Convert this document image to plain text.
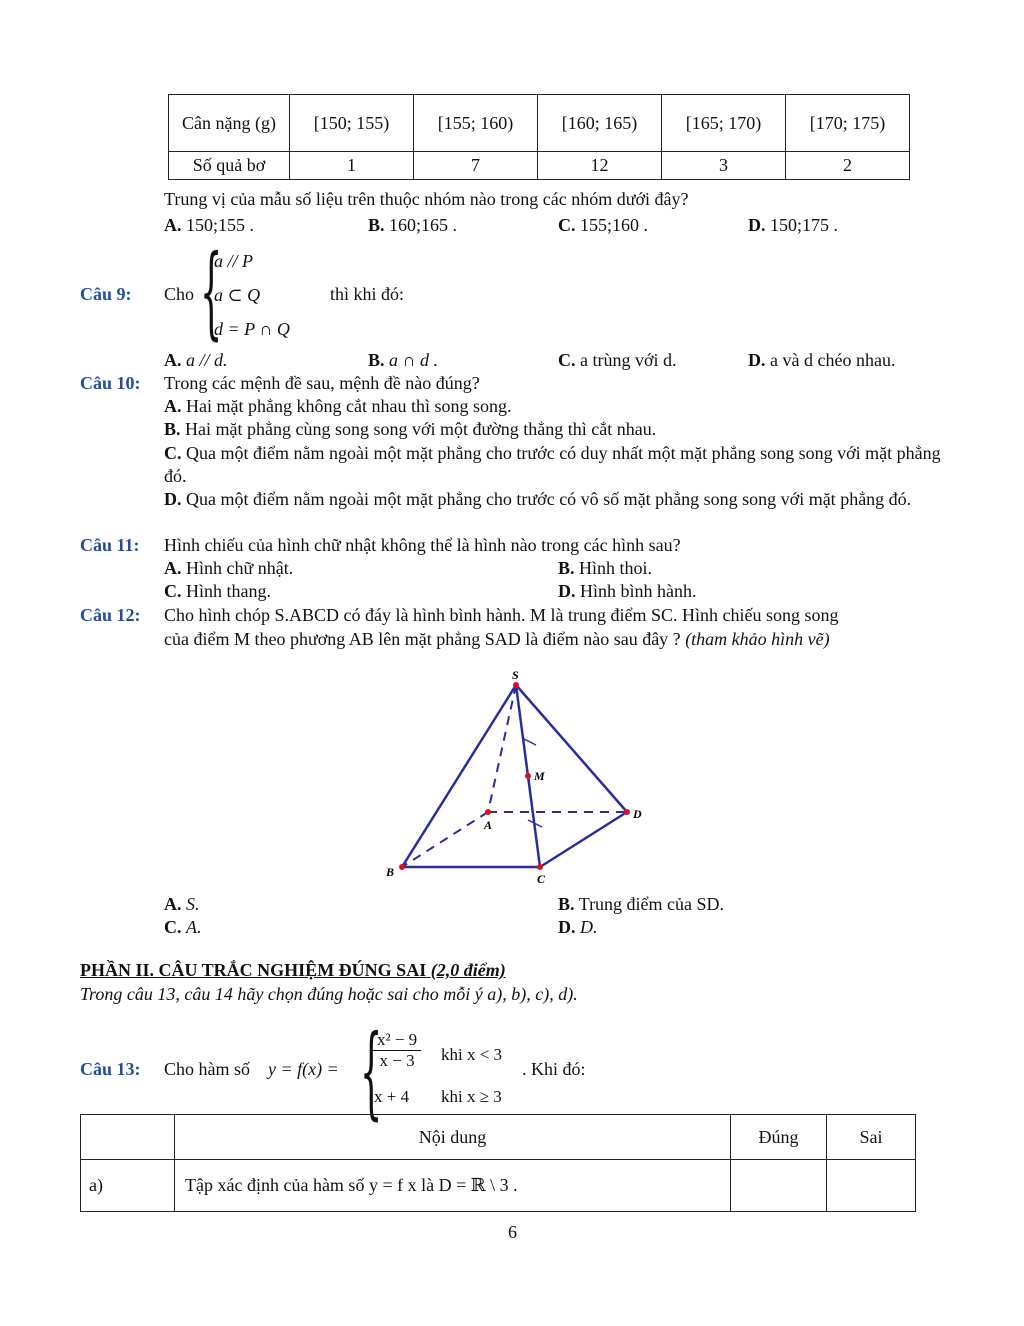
Cân nặng (g)	[150; 155)	[155; 160)	[160; 165)	[165; 170)	[170; 175)
Số quả bơ	1	7	12	3	2
Trung vị của mẫu số liệu trên thuộc nhóm nào trong các nhóm dưới đây?
A. 150;155 .	B. 160;165 .	C. 155;160 .	D. 150;175 .
Câu 9: Cho {
a // P
a ⊂ Q
d = P ∩ Q
thì khi đó:
A. a // d.	B. a ∩ d .	C. a trùng với d.	D. a và d chéo nhau.
Câu 10: Trong các mệnh đề sau, mệnh đề nào đúng?
A. Hai mặt phẳng không cắt nhau thì song song.
B. Hai mặt phẳng cùng song song với một đường thẳng thì cắt nhau.
C. Qua một điểm nằm ngoài một mặt phẳng cho trước có duy nhất một mặt phẳng song song với mặt phẳng đó.
D. Qua một điểm nằm ngoài một mặt phẳng cho trước có vô số mặt phẳng song song với mặt phẳng đó.
Câu 11: Hình chiếu của hình chữ nhật không thể là hình nào trong các hình sau?
A. Hình chữ nhật.	B. Hình thoi.
C. Hình thang.	D. Hình bình hành.
Câu 12: Cho hình chóp S.ABCD có đáy là hình bình hành. M là trung điểm SC. Hình chiếu song song
của điểm M theo phương AB lên mặt phẳng SAD là điểm nào sau đây ? (tham khảo hình vẽ)
S
M
A
B	C
D
A. S.	B. Trung điểm của SD.
C. A.	D. D.
PHẦN II. CÂU TRẮC NGHIỆM ĐÚNG SAI (2,0 điểm)
Trong câu 13, câu 14 hãy chọn đúng hoặc sai cho mỗi ý a), b), c), d).
Câu 13: Cho hàm số y = f(x) = {
$\frac{\text{x² − 9}}{x - 3}$ khi x < 3
x + 4 khi x ≥ 3
. Khi đó:
	Nội dung	Đúng	Sai
a)	Tập xác định của hàm số y = f x là D = ℝ \ 3 .		
6
